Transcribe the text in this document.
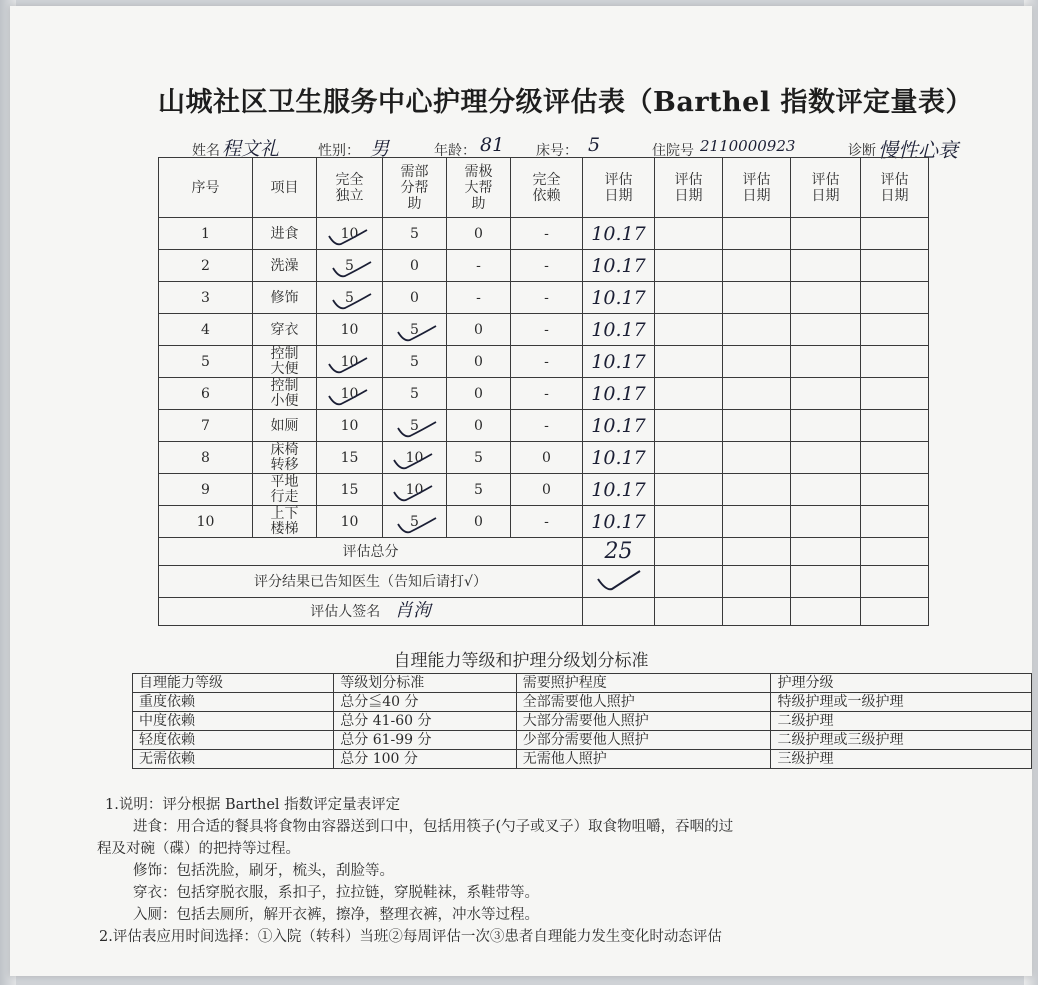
山城社区卫生服务中心护理分级评估表（Barthel 指数评定量表）
姓名 程文礼	性别： 男	年龄： 81 床号： 5	住院号 2110000923	诊断 慢性心衰
序号	项目	完全独立	需部分帮助	需极大帮助	完全依赖	评估日期	评估日期	评估日期	评估日期	评估日期
1	进食	10	5	0	-	10.17				
2	洗澡	5	0	-	-	10.17				
3	修饰	5	0	-	-	10.17				
4	穿衣	10	5	0	-	10.17				
5	控制大便	10	5	0	-	10.17				
6	控制小便	10	5	0	-	10.17				
7	如厕	10	5	0	-	10.17				
8	床椅转移	15	10	5	0	10.17				
9	平地行走	15	10	5	0	10.17				
10	上下楼梯	10	5	0	-	10.17				
评估总分						25				
评分结果已告知医生（告知后请打√）					
评估人签名 肖洵										
自理能力等级和护理分级划分标准
自理能力等级	等级划分标准	需要照护程度	护理分级
重度依赖	总分≦40 分	全部需要他人照护	特级护理或一级护理
中度依赖	总分 41-60 分	大部分需要他人照护	二级护理
轻度依赖	总分 61-99 分	少部分需要他人照护	二级护理或三级护理
无需依赖	总分 100 分	无需他人照护	三级护理
1.说明：评分根据 Barthel 指数评定量表评定
进食：用合适的餐具将食物由容器送到口中，包括用筷子(勺子或叉子）取食物咀嚼，吞咽的过
程及对碗（碟）的把持等过程。
修饰：包括洗脸，刷牙，梳头，刮脸等。
穿衣：包括穿脱衣服，系扣子，拉拉链，穿脱鞋袜，系鞋带等。
入厕：包括去厕所，解开衣裤，擦净，整理衣裤，冲水等过程。
2.评估表应用时间选择：①入院（转科）当班②每周评估一次③患者自理能力发生变化时动态评估
